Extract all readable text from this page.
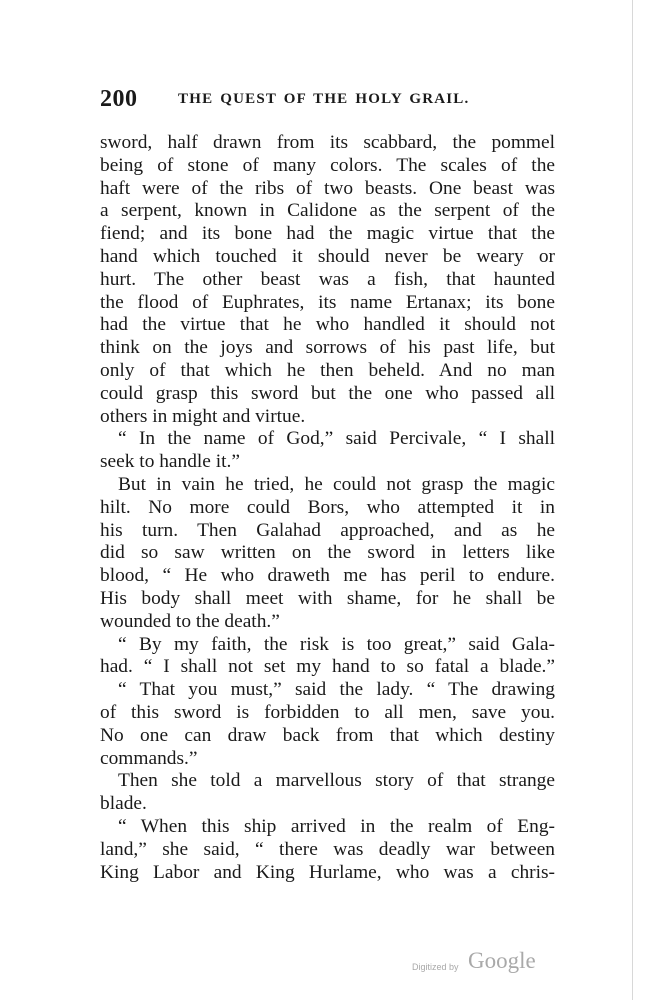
200	THE QUEST OF THE HOLY GRAIL.
sword, half drawn from its scabbard, the pommel
being of stone of many colors. The scales of the
haft were of the ribs of two beasts. One beast was
a serpent, known in Calidone as the serpent of the
fiend; and its bone had the magic virtue that the
hand which touched it should never be weary or
hurt. The other beast was a fish, that haunted
the flood of Euphrates, its name Ertanax; its bone
had the virtue that he who handled it should not
think on the joys and sorrows of his past life, but
only of that which he then beheld. And no man
could grasp this sword but the one who passed all
others in might and virtue.
“ In the name of God,” said Percivale, “ I shall
seek to handle it.”
But in vain he tried, he could not grasp the magic
hilt. No more could Bors, who attempted it in
his turn. Then Galahad approached, and as he
did so saw written on the sword in letters like
blood, “ He who draweth me has peril to endure.
His body shall meet with shame, for he shall be
wounded to the death.”
“ By my faith, the risk is too great,” said Gala-
had. “ I shall not set my hand to so fatal a blade.”
“ That you must,” said the lady. “ The drawing
of this sword is forbidden to all men, save you.
No one can draw back from that which destiny
commands.”
Then she told a marvellous story of that strange
blade.
“ When this ship arrived in the realm of Eng-
land,” she said, “ there was deadly war between
King Labor and King Hurlame, who was a chris-
Digitized by Google
